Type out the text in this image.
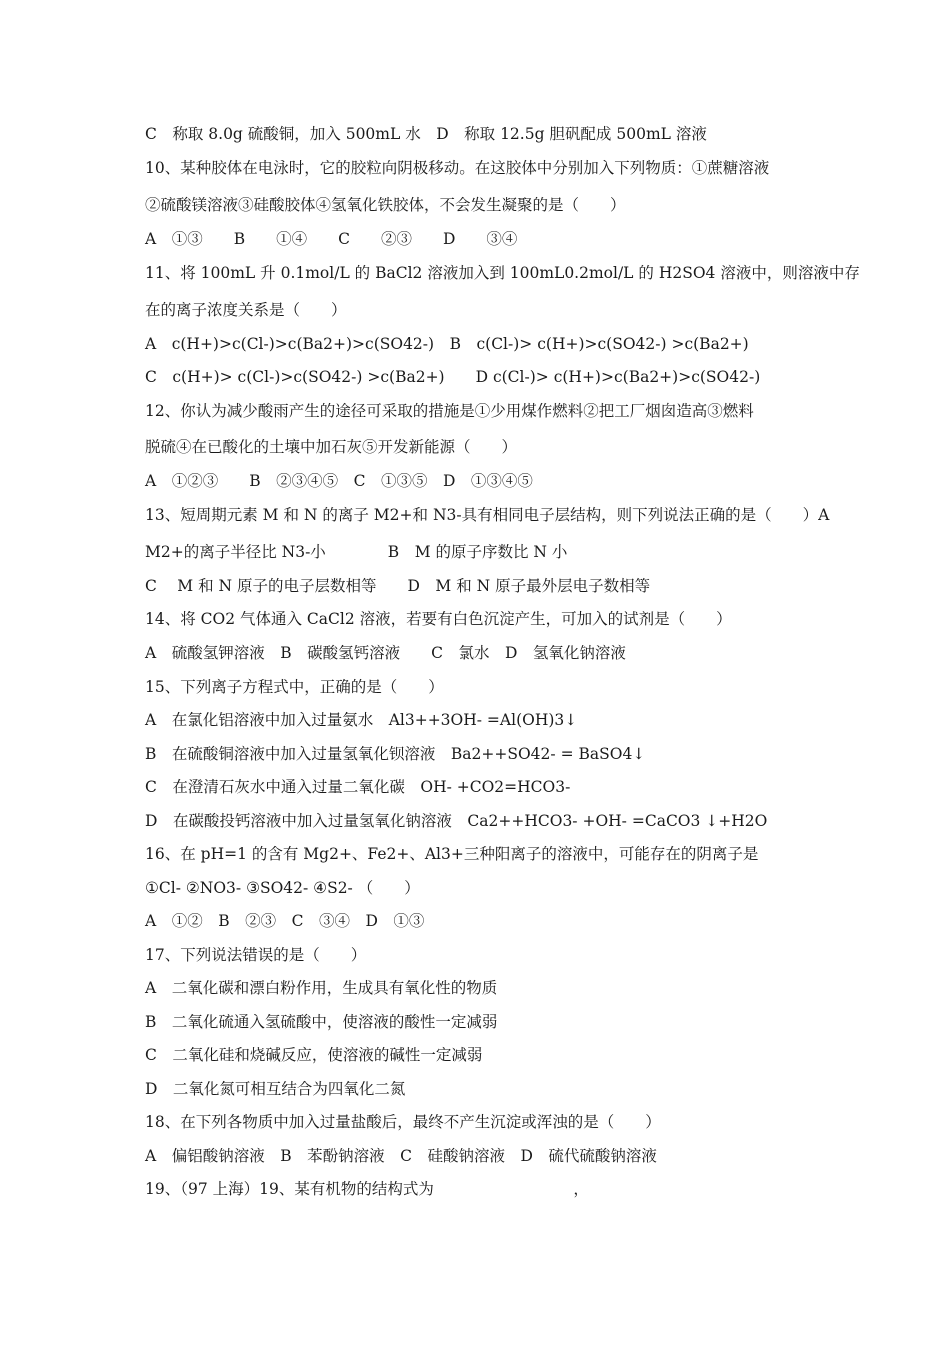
C　称取 8.0g 硫酸铜，加入 500mL 水　D　称取 12.5g 胆矾配成 500mL 溶液
10、某种胶体在电泳时，它的胶粒向阴极移动。在这胶体中分别加入下列物质：①蔗糖溶液
②硫酸镁溶液③硅酸胶体④氢氧化铁胶体，不会发生凝聚的是（　　）
A　①③　　B　　①④　　C　　②③　　D　　③④
11、将 100mL 升 0.1mol/L 的 BaCl2 溶液加入到 100mL0.2mol/L 的 H2SO4 溶液中，则溶液中存
在的离子浓度关系是（　　）
A　c(H+)>c(Cl-)>c(Ba2+)>c(SO42-)　B　c(Cl-)> c(H+)>c(SO42-) >c(Ba2+)
C　c(H+)> c(Cl-)>c(SO42-) >c(Ba2+)　　D c(Cl-)> c(H+)>c(Ba2+)>c(SO42-)
12、你认为减少酸雨产生的途径可采取的措施是①少用煤作燃料②把工厂烟囱造高③燃料
脱硫④在已酸化的土壤中加石灰⑤开发新能源（　　）
A　①②③　　B　②③④⑤　C　①③⑤　D　①③④⑤
13、短周期元素 M 和 N 的离子 M2+和 N3-具有相同电子层结构，则下列说法正确的是（　　）A
M2+的离子半径比 N3-小　　　　B　M 的原子序数比 N 小
C　 M 和 N 原子的电子层数相等　　D　M 和 N 原子最外层电子数相等
14、将 CO2 气体通入 CaCl2 溶液，若要有白色沉淀产生，可加入的试剂是（　　）
A　硫酸氢钾溶液　B　碳酸氢钙溶液　　C　氯水　D　氢氧化钠溶液
15、下列离子方程式中，正确的是（　　）
A　在氯化铝溶液中加入过量氨水　Al3++3OH- =Al(OH)3↓
B　在硫酸铜溶液中加入过量氢氧化钡溶液　Ba2++SO42- = BaSO4↓
C　在澄清石灰水中通入过量二氧化碳　OH- +CO2=HCO3-
D　在碳酸投钙溶液中加入过量氢氧化钠溶液　Ca2++HCO3- +OH- =CaCO3 ↓+H2O
16、在 pH=1 的含有 Mg2+、Fe2+、Al3+三种阳离子的溶液中，可能存在的阴离子是
①Cl- ②NO3- ③SO42- ④S2- （　　）
A　①②　B　②③　C　③④　D　①③
17、下列说法错误的是（　　）
A　二氧化碳和漂白粉作用，生成具有氧化性的物质
B　二氧化硫通入氢硫酸中，使溶液的酸性一定减弱
C　二氧化硅和烧碱反应，使溶液的碱性一定减弱
D　二氧化氮可相互结合为四氧化二氮
18、在下列各物质中加入过量盐酸后，最终不产生沉淀或浑浊的是（　　）
A　偏铝酸钠溶液　B　苯酚钠溶液　C　硅酸钠溶液　D　硫代硫酸钠溶液
19、（97 上海）19、某有机物的结构式为　　　　　　　　　，
